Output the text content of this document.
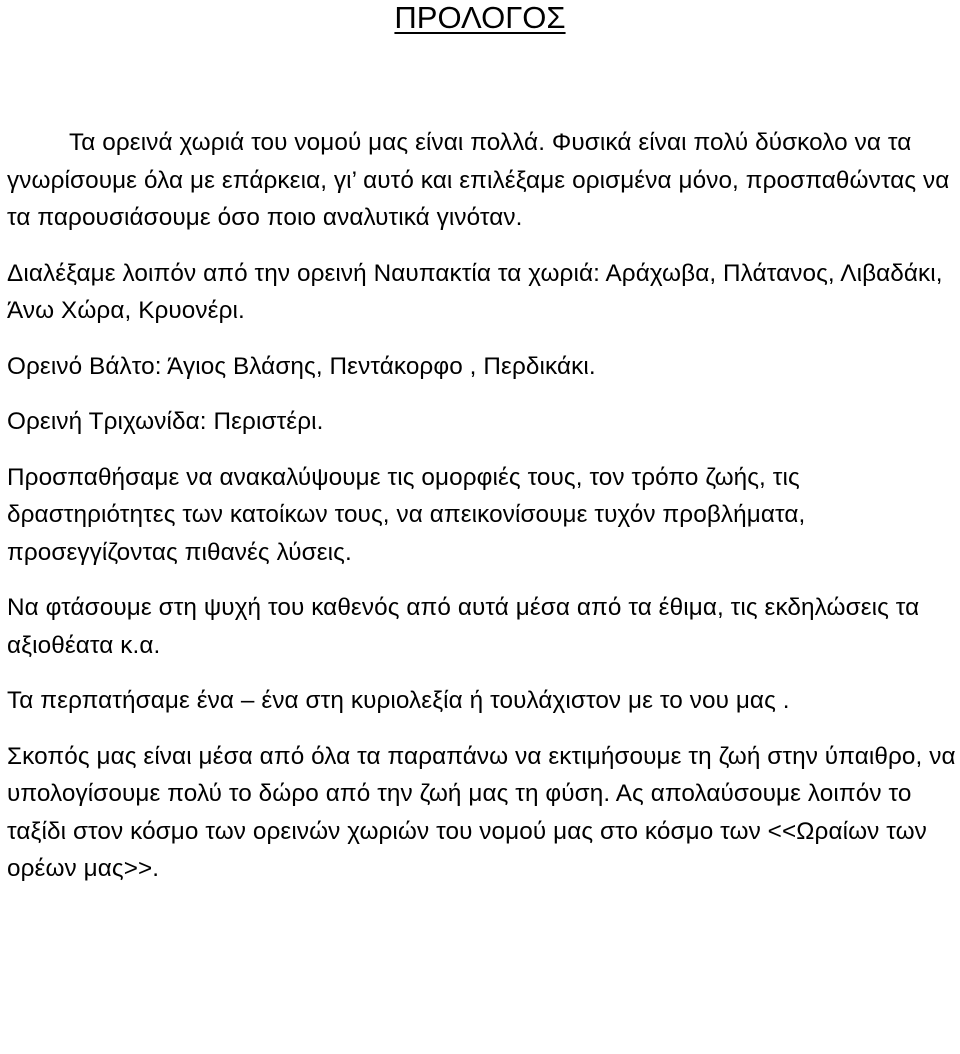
ΠΡΟΛΟΓΟΣ

Τα ορεινά χωριά του νομού μας είναι πολλά. Φυσικά είναι πολύ δύσκολο να τα γνωρίσουμε όλα με επάρκεια, γι’ αυτό και επιλέξαμε ορισμένα μόνο, προσπαθώντας να τα παρουσιάσουμε όσο ποιο αναλυτικά γινόταν.

Διαλέξαμε λοιπόν από την ορεινή Ναυπακτία τα χωριά: Αράχωβα, Πλάτανος, Λιβαδάκι, Άνω Χώρα, Κρυονέρι.

Ορεινό Βάλτο: Άγιος Βλάσης, Πεντάκορφο , Περδικάκι.

Ορεινή Τριχωνίδα: Περιστέρι.

Προσπαθήσαμε να ανακαλύψουμε τις ομορφιές τους, τον τρόπο ζωής, τις δραστηριότητες των κατοίκων τους, να απεικονίσουμε τυχόν προβλήματα, προσεγγίζοντας πιθανές λύσεις.

Να φτάσουμε στη ψυχή του καθενός από αυτά μέσα από τα έθιμα, τις εκδηλώσεις τα αξιοθέατα κ.α.

Τα περπατήσαμε ένα – ένα στη κυριολεξία ή τουλάχιστον με το νου μας .

Σκοπός μας είναι μέσα από όλα τα παραπάνω να εκτιμήσουμε τη ζωή στην ύπαιθρο, να υπολογίσουμε πολύ το δώρο από την ζωή μας τη φύση. Ας απολαύσουμε λοιπόν το ταξίδι στον κόσμο των ορεινών χωριών του νομού μας στο κόσμο των <<Ωραίων των ορέων μας>>.
